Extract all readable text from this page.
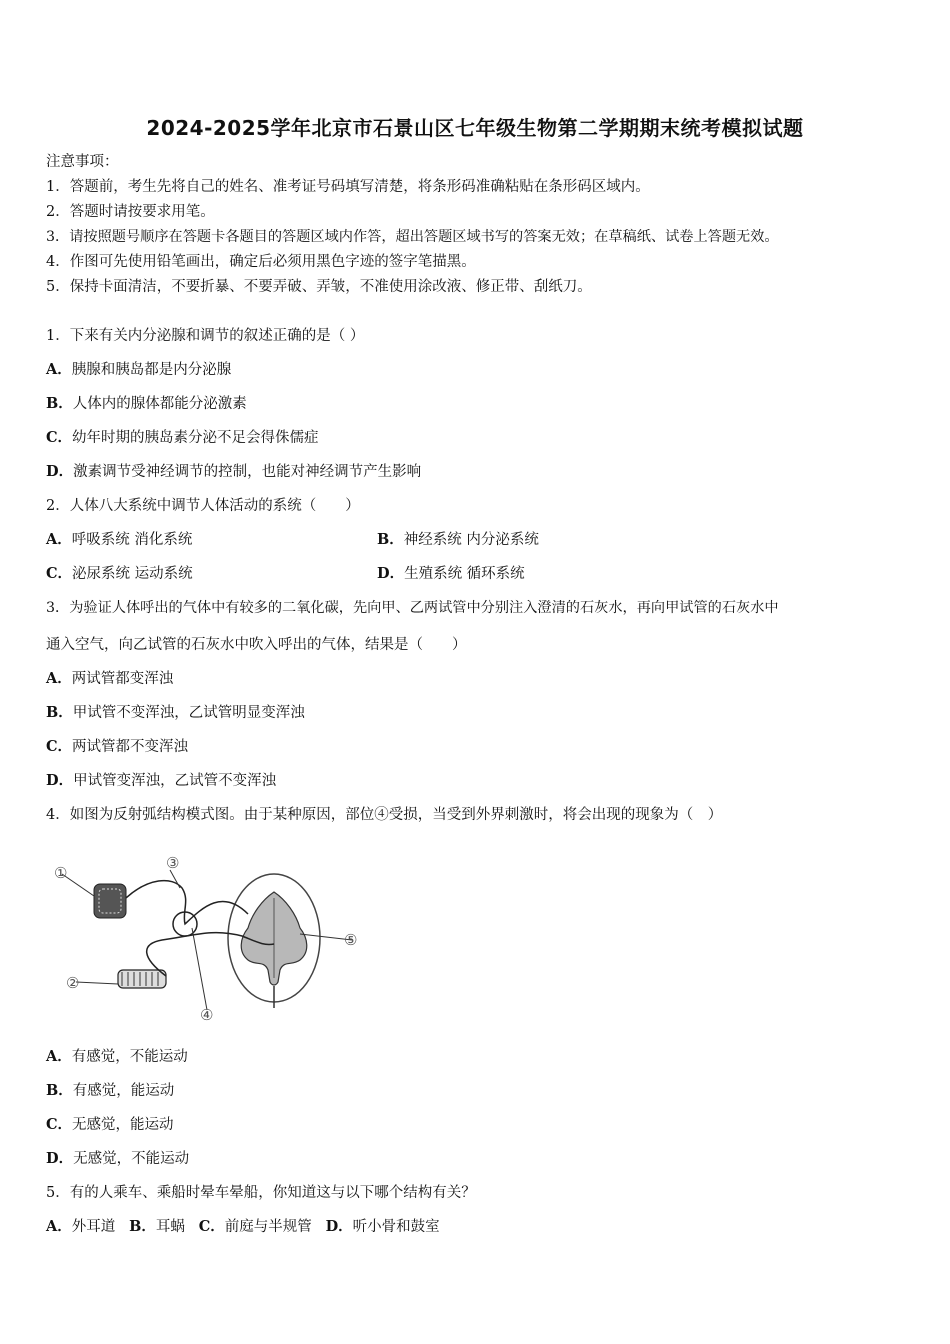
2024-2025学年北京市石景山区七年级生物第二学期期末统考模拟试题
注意事项：
1．答题前，考生先将自己的姓名、准考证号码填写清楚，将条形码准确粘贴在条形码区域内。
2．答题时请按要求用笔。
3．请按照题号顺序在答题卡各题目的答题区域内作答，超出答题区域书写的答案无效；在草稿纸、试卷上答题无效。
4．作图可先使用铅笔画出，确定后必须用黑色字迹的签字笔描黑。
5．保持卡面清洁，不要折暴、不要弄破、弄皱，不准使用涂改液、修正带、刮纸刀。
1．下来有关内分泌腺和调节的叙述正确的是（ ）
A．胰腺和胰岛都是内分泌腺
B．人体内的腺体都能分泌激素
C．幼年时期的胰岛素分泌不足会得侏儒症
D．激素调节受神经调节的控制，也能对神经调节产生影响
2．人体八大系统中调节人体活动的系统（　　）
A．呼吸系统 消化系统	B．神经系统 内分泌系统
C．泌尿系统 运动系统	D．生殖系统 循环系统
3．为验证人体呼出的气体中有较多的二氧化碳，先向甲、乙两试管中分别注入澄清的石灰水，再向甲试管的石灰水中
通入空气，向乙试管的石灰水中吹入呼出的气体，结果是（　　）
A．两试管都变浑浊
B．甲试管不变浑浊，乙试管明显变浑浊
C．两试管都不变浑浊
D．甲试管变浑浊，乙试管不变浑浊
4．如图为反射弧结构模式图。由于某种原因，部位④受损，当受到外界刺激时，将会出现的现象为（　）
①
②
③
④
⑤
A．有感觉，不能运动
B．有感觉，能运动
C．无感觉，能运动
D．无感觉，不能运动
5．有的人乘车、乘船时晕车晕船，你知道这与以下哪个结构有关？
A．外耳道 B．耳蜗 C．前庭与半规管 D．听小骨和鼓室
